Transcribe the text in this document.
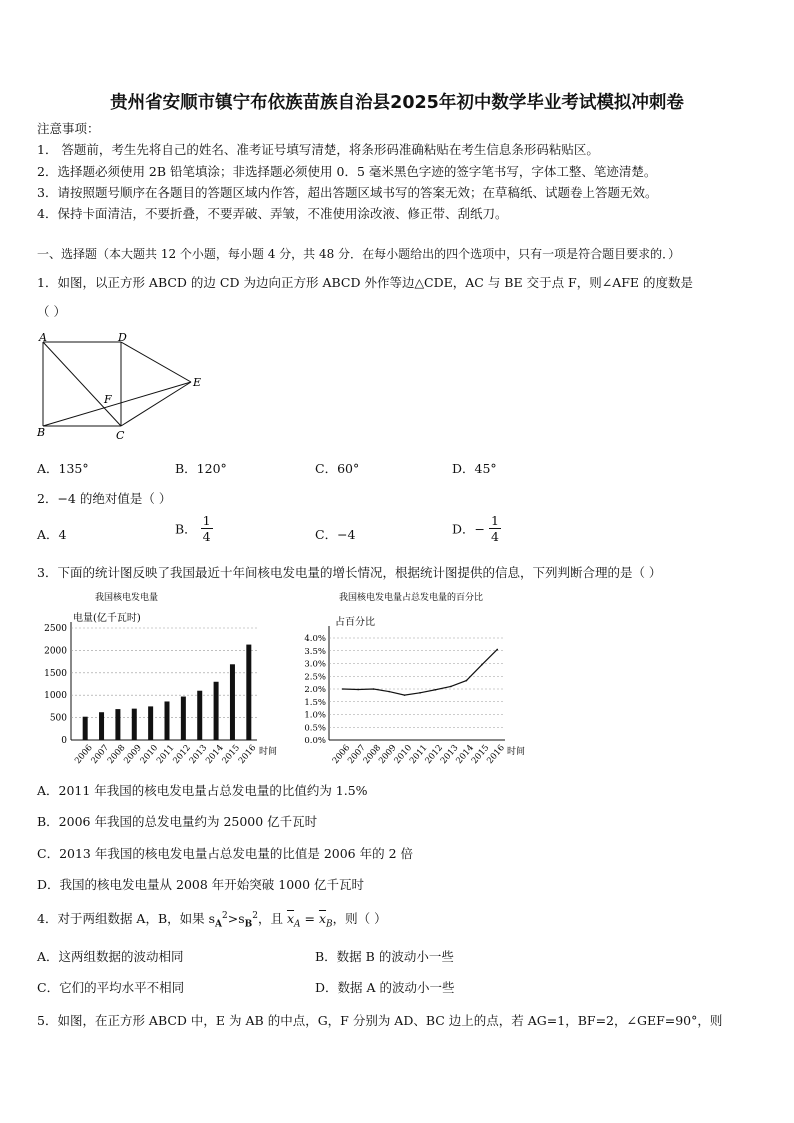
贵州省安顺市镇宁布依族苗族自治县2025年初中数学毕业考试模拟冲刺卷
注意事项：
1． 答题前，考生先将自己的姓名、准考证号填写清楚，将条形码准确粘贴在考生信息条形码粘贴区。
2．选择题必须使用 2B 铅笔填涂；非选择题必须使用 0．5 毫米黑色字迹的签字笔书写，字体工整、笔迹清楚。
3．请按照题号顺序在各题目的答题区域内作答，超出答题区域书写的答案无效；在草稿纸、试题卷上答题无效。
4．保持卡面清洁，不要折叠，不要弄破、弄皱，不准使用涂改液、修正带、刮纸刀。
一、选择题（本大题共 12 个小题，每小题 4 分，共 48 分．在每小题给出的四个选项中，只有一项是符合题目要求的．）
1．如图，以正方形 ABCD 的边 CD 为边向正方形 ABCD 外作等边△CDE，AC 与 BE 交于点 F，则∠AFE 的度数是
（ ）
A	D
E
F
B	C
A．135°	B．120°	C．60°	D．45°
2．−4 的绝对值是（ ）
A．4	B． $\frac{1}{4}$	C．−4	D．− $\frac{1}{4}$
3．下面的统计图反映了我国最近十年间核电发电量的增长情况，根据统计图提供的信息，下列判断合理的是（ ）
我国核电发电量
电量(亿千瓦时)
0
500
1000
1500
2000
2500
2006
2007
2008
2009
2010
2011
2012
2013
2014
2015
2016 时间
我国核电发电量占总发电量的百分比
占百分比
0.0%
0.5%
1.0%
1.5%
2.0%
2.5%
3.0%
3.5%
4.0%
2006
2007
2008
2009
2010
2011
2012
2013
2014
2015
2016 时间
A．2011 年我国的核电发电量占总发电量的比值约为 1.5%
B．2006 年我国的总发电量约为 25000 亿千瓦时
C．2013 年我国的核电发电量占总发电量的比值是 2006 年的 2 倍
D．我国的核电发电量从 2008 年开始突破 1000 亿千瓦时
4．对于两组数据 A，B，如果 $s_A^2>s_B^2$，且 $\overline{x}_A = \overline{x}_B$，则（ ）
A．这两组数据的波动相同	B．数据 B 的波动小一些
C．它们的平均水平不相同	D．数据 A 的波动小一些
5．如图，在正方形 ABCD 中，E 为 AB 的中点，G，F 分别为 AD、BC 边上的点，若 AG=1，BF=2，∠GEF=90°，则
